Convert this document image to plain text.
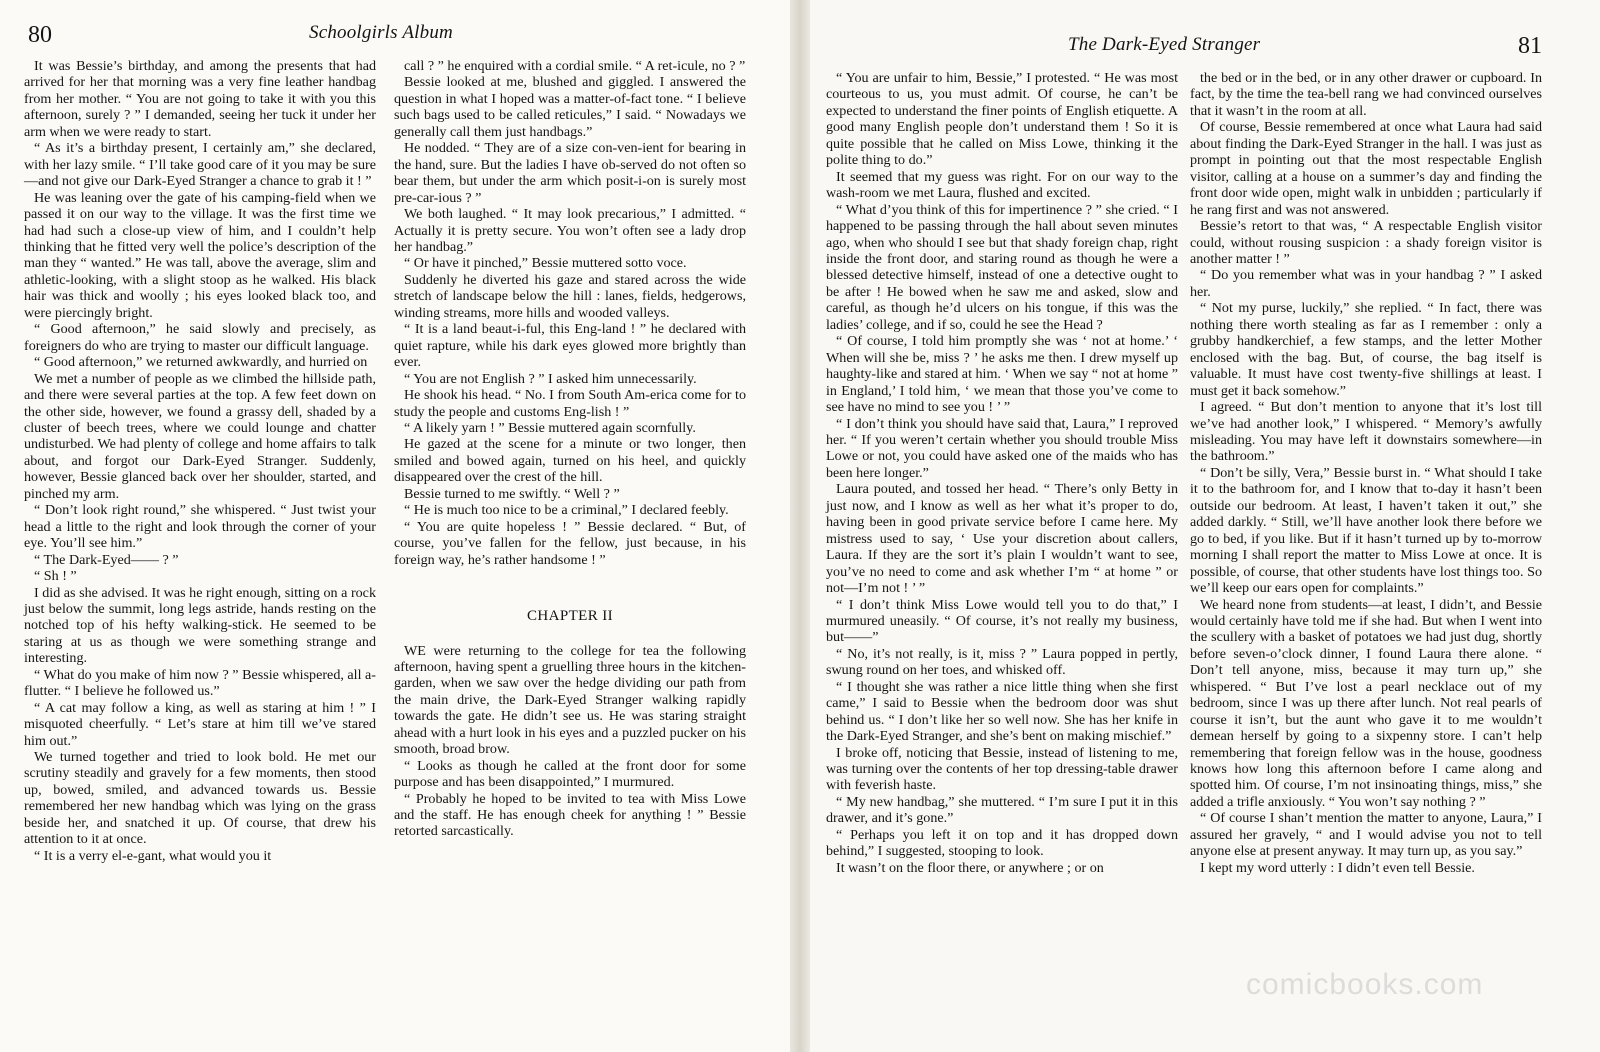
80	Schoolgirls Album

It was Bessie’s birthday, and among the presents that had arrived for her that morning was a very fine leather handbag from her mother. “ You are not going to take it with you this afternoon, surely ? ” I demanded, seeing her tuck it under her arm when we were ready to start.

“ As it’s a birthday present, I certainly am,” she declared, with her lazy smile. “ I’ll take good care of it you may be sure—and not give our Dark-Eyed Stranger a chance to grab it ! ”

He was leaning over the gate of his camping-field when we passed it on our way to the village. It was the first time we had had such a close-up view of him, and I couldn’t help thinking that he fitted very well the police’s description of the man they “ wanted.” He was tall, above the average, slim and athletic-looking, with a slight stoop as he walked. His black hair was thick and woolly ; his eyes looked black too, and were piercingly bright.

“ Good afternoon,” he said slowly and precisely, as foreigners do who are trying to master our difficult language.

“ Good afternoon,” we returned awkwardly, and hurried on

We met a number of people as we climbed the hillside path, and there were several parties at the top. A few feet down on the other side, however, we found a grassy dell, shaded by a cluster of beech trees, where we could lounge and chatter undisturbed. We had plenty of college and home affairs to talk about, and forgot our Dark-Eyed Stranger. Suddenly, however, Bessie glanced back over her shoulder, started, and pinched my arm.

“ Don’t look right round,” she whispered. “ Just twist your head a little to the right and look through the corner of your eye. You’ll see him.”

“ The Dark-Eyed—— ? ”

“ Sh ! ”

I did as she advised. It was he right enough, sitting on a rock just below the summit, long legs astride, hands resting on the notched top of his hefty walking-stick. He seemed to be staring at us as though we were something strange and interesting.

“ What do you make of him now ? ” Bessie whispered, all a-flutter. “ I believe he followed us.”

“ A cat may follow a king, as well as staring at him ! ” I misquoted cheerfully. “ Let’s stare at him till we’ve stared him out.”

We turned together and tried to look bold. He met our scrutiny steadily and gravely for a few moments, then stood up, bowed, smiled, and advanced towards us. Bessie remembered her new handbag which was lying on the grass beside her, and snatched it up. Of course, that drew his attention to it at once.

“ It is a verry el-e-gant, what would you it

call ? ” he enquired with a cordial smile. “ A ret-icule, no ? ”

Bessie looked at me, blushed and giggled. I answered the question in what I hoped was a matter-of-fact tone. “ I believe such bags used to be called reticules,” I said. “ Nowadays we generally call them just handbags.”

He nodded. “ They are of a size con-ven-ient for bearing in the hand, sure. But the ladies I have ob-served do not often so bear them, but under the arm which posit-i-on is surely most pre-car-ious ? ”

We both laughed. “ It may look precarious,” I admitted. “ Actually it is pretty secure. You won’t often see a lady drop her handbag.”

“ Or have it pinched,” Bessie muttered sotto voce.

Suddenly he diverted his gaze and stared across the wide stretch of landscape below the hill : lanes, fields, hedgerows, winding streams, more hills and wooded valleys.

“ It is a land beaut-i-ful, this Eng-land ! ” he declared with quiet rapture, while his dark eyes glowed more brightly than ever.

“ You are not English ? ” I asked him unnecessarily.

He shook his head. “ No. I from South Am-erica come for to study the people and customs Eng-lish ! ”

“ A likely yarn ! ” Bessie muttered again scornfully.

He gazed at the scene for a minute or two longer, then smiled and bowed again, turned on his heel, and quickly disappeared over the crest of the hill.

Bessie turned to me swiftly. “ Well ? ”

“ He is much too nice to be a criminal,” I declared feebly.

“ You are quite hopeless ! ” Bessie declared. “ But, of course, you’ve fallen for the fellow, just because, in his foreign way, he’s rather handsome ! ”

CHAPTER II

WE were returning to the college for tea the following afternoon, having spent a gruelling three hours in the kitchen-garden, when we saw over the hedge dividing our path from the main drive, the Dark-Eyed Stranger walking rapidly towards the gate. He didn’t see us. He was staring straight ahead with a hurt look in his eyes and a puzzled pucker on his smooth, broad brow.

“ Looks as though he called at the front door for some purpose and has been disappointed,” I murmured.

“ Probably he hoped to be invited to tea with Miss Lowe and the staff. He has enough cheek for anything ! ” Bessie retorted sarcastically.

The Dark-Eyed Stranger	81

“ You are unfair to him, Bessie,” I protested. “ He was most courteous to us, you must admit. Of course, he can’t be expected to understand the finer points of English etiquette. A good many English people don’t understand them ! So it is quite possible that he called on Miss Lowe, thinking it the polite thing to do.”

It seemed that my guess was right. For on our way to the wash-room we met Laura, flushed and excited.

“ What d’you think of this for impertinence ? ” she cried. “ I happened to be passing through the hall about seven minutes ago, when who should I see but that shady foreign chap, right inside the front door, and staring round as though he were a blessed detective himself, instead of one a detective ought to be after ! He bowed when he saw me and asked, slow and careful, as though he’d ulcers on his tongue, if this was the ladies’ college, and if so, could he see the Head ?

“ Of course, I told him promptly she was ‘ not at home.’ ‘ When will she be, miss ? ’ he asks me then. I drew myself up haughty-like and stared at him. ‘ When we say “ not at home ” in England,’ I told him, ‘ we mean that those you’ve come to see have no mind to see you ! ’ ”

“ I don’t think you should have said that, Laura,” I reproved her. “ If you weren’t certain whether you should trouble Miss Lowe or not, you could have asked one of the maids who has been here longer.”

Laura pouted, and tossed her head. “ There’s only Betty in just now, and I know as well as her what it’s proper to do, having been in good private service before I came here. My mistress used to say, ‘ Use your discretion about callers, Laura. If they are the sort it’s plain I wouldn’t want to see, you’ve no need to come and ask whether I’m “ at home ” or not—I’m not ! ’ ”

“ I don’t think Miss Lowe would tell you to do that,” I murmured uneasily. “ Of course, it’s not really my business, but——”

“ No, it’s not really, is it, miss ? ” Laura popped in pertly, swung round on her toes, and whisked off.

“ I thought she was rather a nice little thing when she first came,” I said to Bessie when the bedroom door was shut behind us. “ I don’t like her so well now. She has her knife in the Dark-Eyed Stranger, and she’s bent on making mischief.”

I broke off, noticing that Bessie, instead of listening to me, was turning over the contents of her top dressing-table drawer with feverish haste.

“ My new handbag,” she muttered. “ I’m sure I put it in this drawer, and it’s gone.”

“ Perhaps you left it on top and it has dropped down behind,” I suggested, stooping to look.

It wasn’t on the floor there, or anywhere ; or on

the bed or in the bed, or in any other drawer or cupboard. In fact, by the time the tea-bell rang we had convinced ourselves that it wasn’t in the room at all.

Of course, Bessie remembered at once what Laura had said about finding the Dark-Eyed Stranger in the hall. I was just as prompt in pointing out that the most respectable English visitor, calling at a house on a summer’s day and finding the front door wide open, might walk in unbidden ; particularly if he rang first and was not answered.

Bessie’s retort to that was, “ A respectable English visitor could, without rousing suspicion : a shady foreign visitor is another matter ! ”

“ Do you remember what was in your handbag ? ” I asked her.

“ Not my purse, luckily,” she replied. “ In fact, there was nothing there worth stealing as far as I remember : only a grubby handkerchief, a few stamps, and the letter Mother enclosed with the bag. But, of course, the bag itself is valuable. It must have cost twenty-five shillings at least. I must get it back somehow.”

I agreed. “ But don’t mention to anyone that it’s lost till we’ve had another look,” I whispered. “ Memory’s awfully misleading. You may have left it downstairs somewhere—in the bathroom.”

“ Don’t be silly, Vera,” Bessie burst in. “ What should I take it to the bathroom for, and I know that to-day it hasn’t been outside our bedroom. At least, I haven’t taken it out,” she added darkly. “ Still, we’ll have another look there before we go to bed, if you like. But if it hasn’t turned up by to-morrow morning I shall report the matter to Miss Lowe at once. It is possible, of course, that other students have lost things too. So we’ll keep our ears open for complaints.”

We heard none from students—at least, I didn’t, and Bessie would certainly have told me if she had. But when I went into the scullery with a basket of potatoes we had just dug, shortly before seven-o’clock dinner, I found Laura there alone. “ Don’t tell anyone, miss, because it may turn up,” she whispered. “ But I’ve lost a pearl necklace out of my bedroom, since I was up there after lunch. Not real pearls of course it isn’t, but the aunt who gave it to me wouldn’t demean herself by going to a sixpenny store. I can’t help remembering that foreign fellow was in the house, goodness knows how long this afternoon before I came along and spotted him. Of course, I’m not insinoating things, miss,” she added a trifle anxiously. “ You won’t say nothing ? ”

“ Of course I shan’t mention the matter to anyone, Laura,” I assured her gravely, “ and I would advise you not to tell anyone else at present anyway. It may turn up, as you say.”

I kept my word utterly : I didn’t even tell Bessie.

comicbooks.com
